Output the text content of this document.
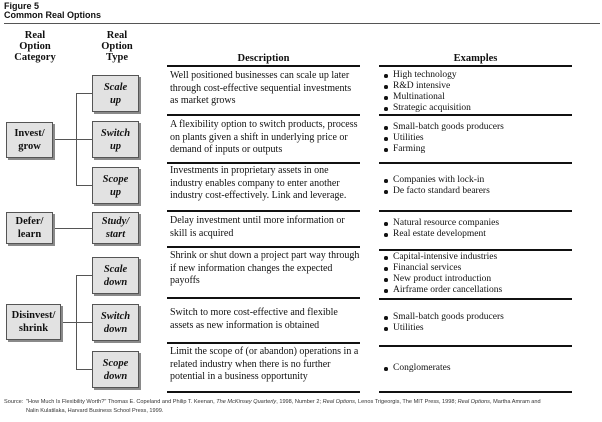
Figure 5
Common Real Options
Real
Option
Category
Real
Option
Type	Description	Examples
Invest/
grow
Defer/
learn
Disinvest/
shrink
Scale
up
Switch
up
Scope
up
Study/
start
Scale
down
Switch
down
Scope
down
Well positioned businesses can scale up later through cost-effective sequential investments as market grows
A flexibility option to switch products, process on plants given a shift in underlying price or demand of inputs or outputs
Investments in proprietary assets in one industry enables company to enter another industry cost-effectively. Link and leverage.
Delay investment until more information or skill is acquired
Shrink or shut down a project part way through if new information changes the expected payoffs
Switch to more cost-effective and flexible assets as new information is obtained
Limit the scope of (or abandon) operations in a related industry when there is no further potential in a business opportunity
High technology
R&D intensive
Multinational
Strategic acquisition
Small-batch goods producers
Utilities
Farming
Companies with lock-in
De facto standard bearers
Natural resource companies
Real estate development
Capital-intensive industries
Financial services
New product introduction
Airframe order cancellations
Small-batch goods producers
Utilities
Conglomerates
Source: "How Much Is Flexibility Worth?" Thomas E. Copeland and Philip T. Keenan, The McKinsey Quarterly, 1998, Number 2; Real Options, Lenos Trigeorgis, The MIT Press, 1998; Real Options, Martha Amram and
Nalin Kulatilaka, Harvard Business School Press, 1999.
